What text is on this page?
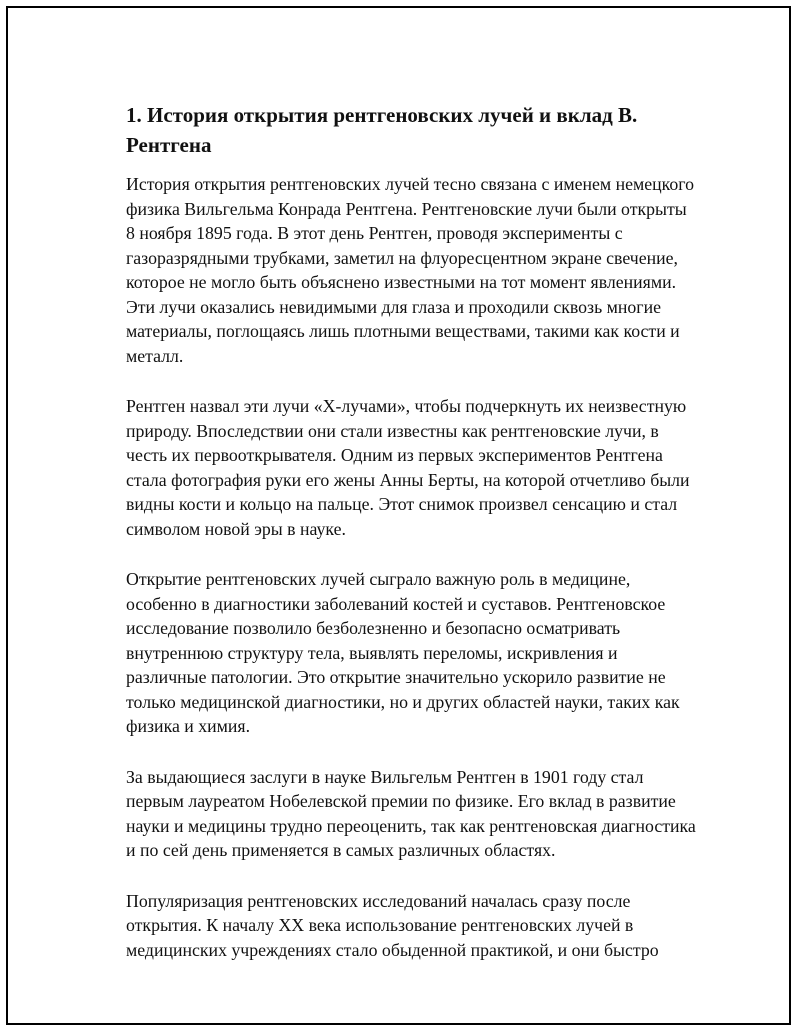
1. История открытия рентгеновских лучей и вклад В. Рентгена

История открытия рентгеновских лучей тесно связана с именем немецкого физика Вильгельма Конрада Рентгена. Рентгеновские лучи были открыты 8 ноября 1895 года. В этот день Рентген, проводя эксперименты с газоразрядными трубками, заметил на флуоресцентном экране свечение, которое не могло быть объяснено известными на тот момент явлениями. Эти лучи оказались невидимыми для глаза и проходили сквозь многие материалы, поглощаясь лишь плотными веществами, такими как кости и металл.

Рентген назвал эти лучи «X-лучами», чтобы подчеркнуть их неизвестную природу. Впоследствии они стали известны как рентгеновские лучи, в честь их первооткрывателя. Одним из первых экспериментов Рентгена стала фотография руки его жены Анны Берты, на которой отчетливо были видны кости и кольцо на пальце. Этот снимок произвел сенсацию и стал символом новой эры в науке.

Открытие рентгеновских лучей сыграло важную роль в медицине, особенно в диагностики заболеваний костей и суставов. Рентгеновское исследование позволило безболезненно и безопасно осматривать внутреннюю структуру тела, выявлять переломы, искривления и различные патологии. Это открытие значительно ускорило развитие не только медицинской диагностики, но и других областей науки, таких как физика и химия.

За выдающиеся заслуги в науке Вильгельм Рентген в 1901 году стал первым лауреатом Нобелевской премии по физике. Его вклад в развитие науки и медицины трудно переоценить, так как рентгеновская диагностика и по сей день применяется в самых различных областях.

Популяризация рентгеновских исследований началась сразу после открытия. К началу XX века использование рентгеновских лучей в медицинских учреждениях стало обыденной практикой, и они быстро
